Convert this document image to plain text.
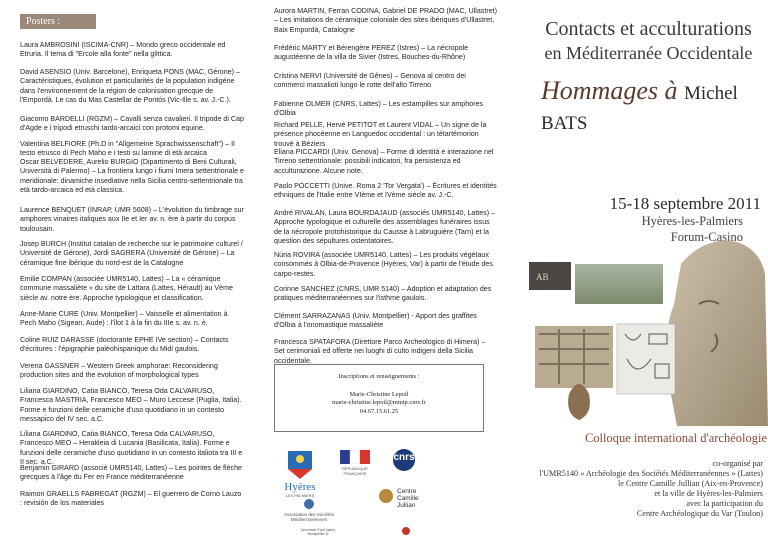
Posters :

Laura AMBROSINI (ISCIMA-CNR) – Mondo greco occidentale ed Etruria. Il tema di "Ercole alla fonte" nella glittica.

David ASENSIO (Univ. Barcelone), Enriqueta PONS (MAC, Gérone) – Caractéristiques, évolution et particularités de la population indigène dans l'environnement de la région de colonisation grecque de l'Empordà. Le cas du Mas Castellar de Pontós (Vic-Ille s. av. J.-C.).

Giacomo BARDELLI (RGZM) – Cavalli senza cavalieri. Il tripode di Cap d'Agde e i tripodi etruschi tardo-arcaici con protomi equine.

Valentina BELFIORE (Ph.D in "Allgemeine Sprachwissenschaft") – Il testo etrusco di Pech Maho e i testi su lamine di età arcaica

Oscar BELVEDERE, Aurelio BURGIO (Dipartimento di Beni Culturali, Università di Palermo) – La frontiera lungo i fiumi Imera settentrionale e meridionale: dinamiche insediative nella Sicilia centro-settentrionale tra età tardo-arcaica ed età classica.

Laurence BENQUET (INRAP, UMR 5608) – L'évolution du timbrage sur amphores vinaires italiques aux IIe et Ier av. n. ère à partir du corpus toulousain.

Josep BURCH (Institut catalan de recherche sur le patrimoine culturel / Université de Gérone), Jordi SAGRERA (Université de Gérone) – La céramique fine ibérique du nord-est de la Catalogne

Emilie COMPAN (associée UMR5140, Lattes) – La « céramique commune massaliète » du site de Lattara (Lattes, Hérault) au Vème siècle av. notre ère. Approche typologique et classification.

Anne-Marie CURE (Univ. Montpellier) – Vaisselle et alimentation à Pech Maho (Sigean, Aude) : l'îlot 1 à la fin du IIIe s. av. n. è.

Coline RUIZ DARASSE (doctorante EPHE IVe section) – Contacts d'écritures : l'épigraphie paléohispanique du Midi gaulois.

Verena GASSNER – Western Greek amphorae: Reconsidering production sites and the evolution of morphological types

Liliana GIARDINO, Catia BIANCO, Teresa Oda CALVARUSO, Francesca MASTRIA, Francesco MEO – Muro Leccese (Puglia, Italia). Forme e funzioni delle ceramiche d'uso quotidiano in un contesto messapico del IV sec. a.C.

Liliana GIARDINO, Catia BIANCO, Teresa Oda CALVARUSO, Francesco MEO – Herakleia di Lucania (Basilicata, Italia). Forme e funzioni delle ceramiche d'uso quotidiano in un contesto italiota tra III e II sec. a.C.

Benjamin GIRARD (associé UMR5140, Lattes) – Les pointes de flèche grecques à l'âge du Fer en France méditerranéenne

Raimon GRAELLS FABREGAT (RGZM) – El guerrero de Corno Lauzo : revisión de los materiales

Aurora MARTIN, Ferran CODINA, Gabriel DE PRADO (MAC, Ullastret) – Les imitations de céramique coloniale des sites ibériques d'Ullastret, Baix Empordà, Catalogne

Frédéric MARTY et Bérengère PEREZ (Istres) – La nécropole augustéenne de la villa de Sivier (Istres, Bouches-du-Rhône)

Cristina NERVI (Université de Gênes) – Genova al centro dei commerci massalioti lungo le rotte dell'alto Tirreno

Fabienne OLMER (CNRS, Lattes) – Les estampilles sur amphores d'Olbia

Richard PELLE, Hervé PETITOT et Laurent VIDAL – Un signe de la présence phocéenne en Languedoc occidental : un tétartémorion trouvé à Béziers

Eliana PICCARDI (Univ. Genova) – Forme di identità e interazione nel Tirreno settentrionale: possibili indicatori, fra persistenza ed acculturazione. Alcune note.

Paolo POCCETTI (Unive. Roma 2 'Tor Vergata') – Écritures et identités ethniques de l'Italie entre VIème et IVème siècle av. J.-C.

André RIVALAN, Laura BOURDAJAUD (associés UMR5140, Lattes) – Approche typologique et culturelle des assemblages funéraires issus de la nécropole protohistorique du Causse à Labruguière (Tarn) et la question des sépultures ostentatoires.

Núria ROVIRA (associée UMR5140, Lattes) – Les produits végétaux consommés à Olbia-de-Provence (Hyères, Var) à partir de l'étude des carpo-restes.

Corinne SANCHEZ (CNRS, UMR 5140) – Adoption et adaptation des pratiques méditerranéennes sur l'isthme gaulois.

Clément SARRAZANAS (Univ. Montpellier) - Apport des graffites d'Olbia à l'onomastique massaliète

Francesca SPATAFORA (Direttore Parco Archeologico di Himera) – Set cerimoniali ed offerte nei luoghi di culto indigeni della Sicilia occidentale.

Inscriptions et renseignements :
Marie-Christine Lepoil
marie-christine.lepoil@mmtp.cnrs.fr
04.67.15.61.25
Hyères
LES PALMIERS
RÉPUBLIQUE FRANÇAISE
cnrs
Association des Sociétés Méditerranéennes
Centre Camille Jullian
Université Paul-Valéry Montpellier III
Contacts et acculturations
en Méditerranée Occidentale
Hommages à Michel BATS
15-18 septembre 2011
Hyères-les-Palmiers
Forum-Casino
ΑΒ
Colloque international d'archéologie
co-organisé par
l'UMR5140 « Archéologie des Sociétés Méditerranéennes » (Lattes)
le Centre Camille Jullian (Aix-en-Provence)
et la ville de Hyères-les-Palmiers
avec la participation du
Centre Archéologique du Var (Toulon)
